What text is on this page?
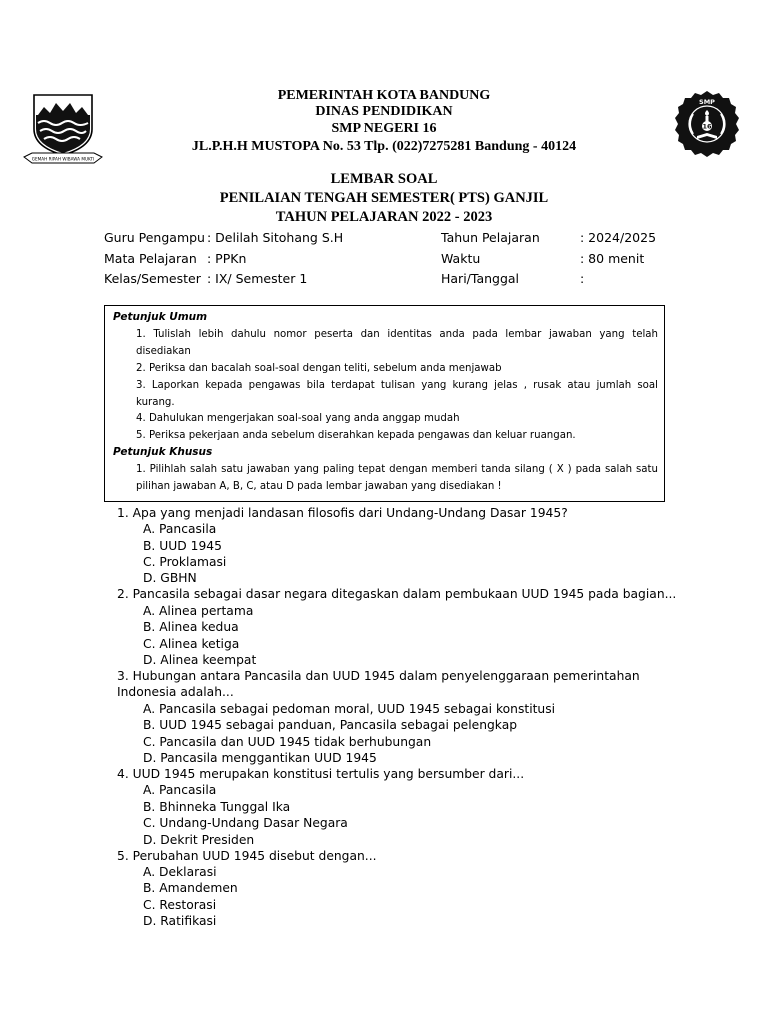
GEMAH RIPAH WIBAWA MUKTI
SMP
16
PEMERINTAH KOTA BANDUNG
DINAS PENDIDIKAN
SMP NEGERI 16
JL.P.H.H MUSTOPA No. 53 Tlp. (022)7275281 Bandung - 40124
LEMBAR SOAL
PENILAIAN TENGAH SEMESTER( PTS) GANJIL
TAHUN PELAJARAN 2022 - 2023
Guru Pengampu : Delilah Sitohang S.H
Mata Pelajaran : PPKn
Kelas/Semester : IX/ Semester 1
Tahun Pelajaran	: 2024/2025
Waktu	: 80 menit
Hari/Tanggal	:
Petunjuk Umum
1. Tulislah lebih dahulu nomor peserta dan identitas anda pada lembar jawaban yang telah
disediakan
2. Periksa dan bacalah soal-soal dengan teliti, sebelum anda menjawab
3. Laporkan kepada pengawas bila terdapat tulisan yang kurang jelas , rusak atau jumlah soal
kurang.
4. Dahulukan mengerjakan soal-soal yang anda anggap mudah
5. Periksa pekerjaan anda sebelum diserahkan kepada pengawas dan keluar ruangan.
Petunjuk Khusus
1. Pilihlah salah satu jawaban yang paling tepat dengan memberi tanda silang ( X ) pada salah satu
pilihan jawaban A, B, C, atau D pada lembar jawaban yang disediakan !
1. Apa yang menjadi landasan filosofis dari Undang-Undang Dasar 1945?
A. Pancasila
B. UUD 1945
C. Proklamasi
D. GBHN
2. Pancasila sebagai dasar negara ditegaskan dalam pembukaan UUD 1945 pada bagian...
A. Alinea pertama
B. Alinea kedua
C. Alinea ketiga
D. Alinea keempat
3. Hubungan antara Pancasila dan UUD 1945 dalam penyelenggaraan pemerintahan
Indonesia adalah...
A. Pancasila sebagai pedoman moral, UUD 1945 sebagai konstitusi
B. UUD 1945 sebagai panduan, Pancasila sebagai pelengkap
C. Pancasila dan UUD 1945 tidak berhubungan
D. Pancasila menggantikan UUD 1945
4. UUD 1945 merupakan konstitusi tertulis yang bersumber dari...
A. Pancasila
B. Bhinneka Tunggal Ika
C. Undang-Undang Dasar Negara
D. Dekrit Presiden
5. Perubahan UUD 1945 disebut dengan...
A. Deklarasi
B. Amandemen
C. Restorasi
D. Ratifikasi
